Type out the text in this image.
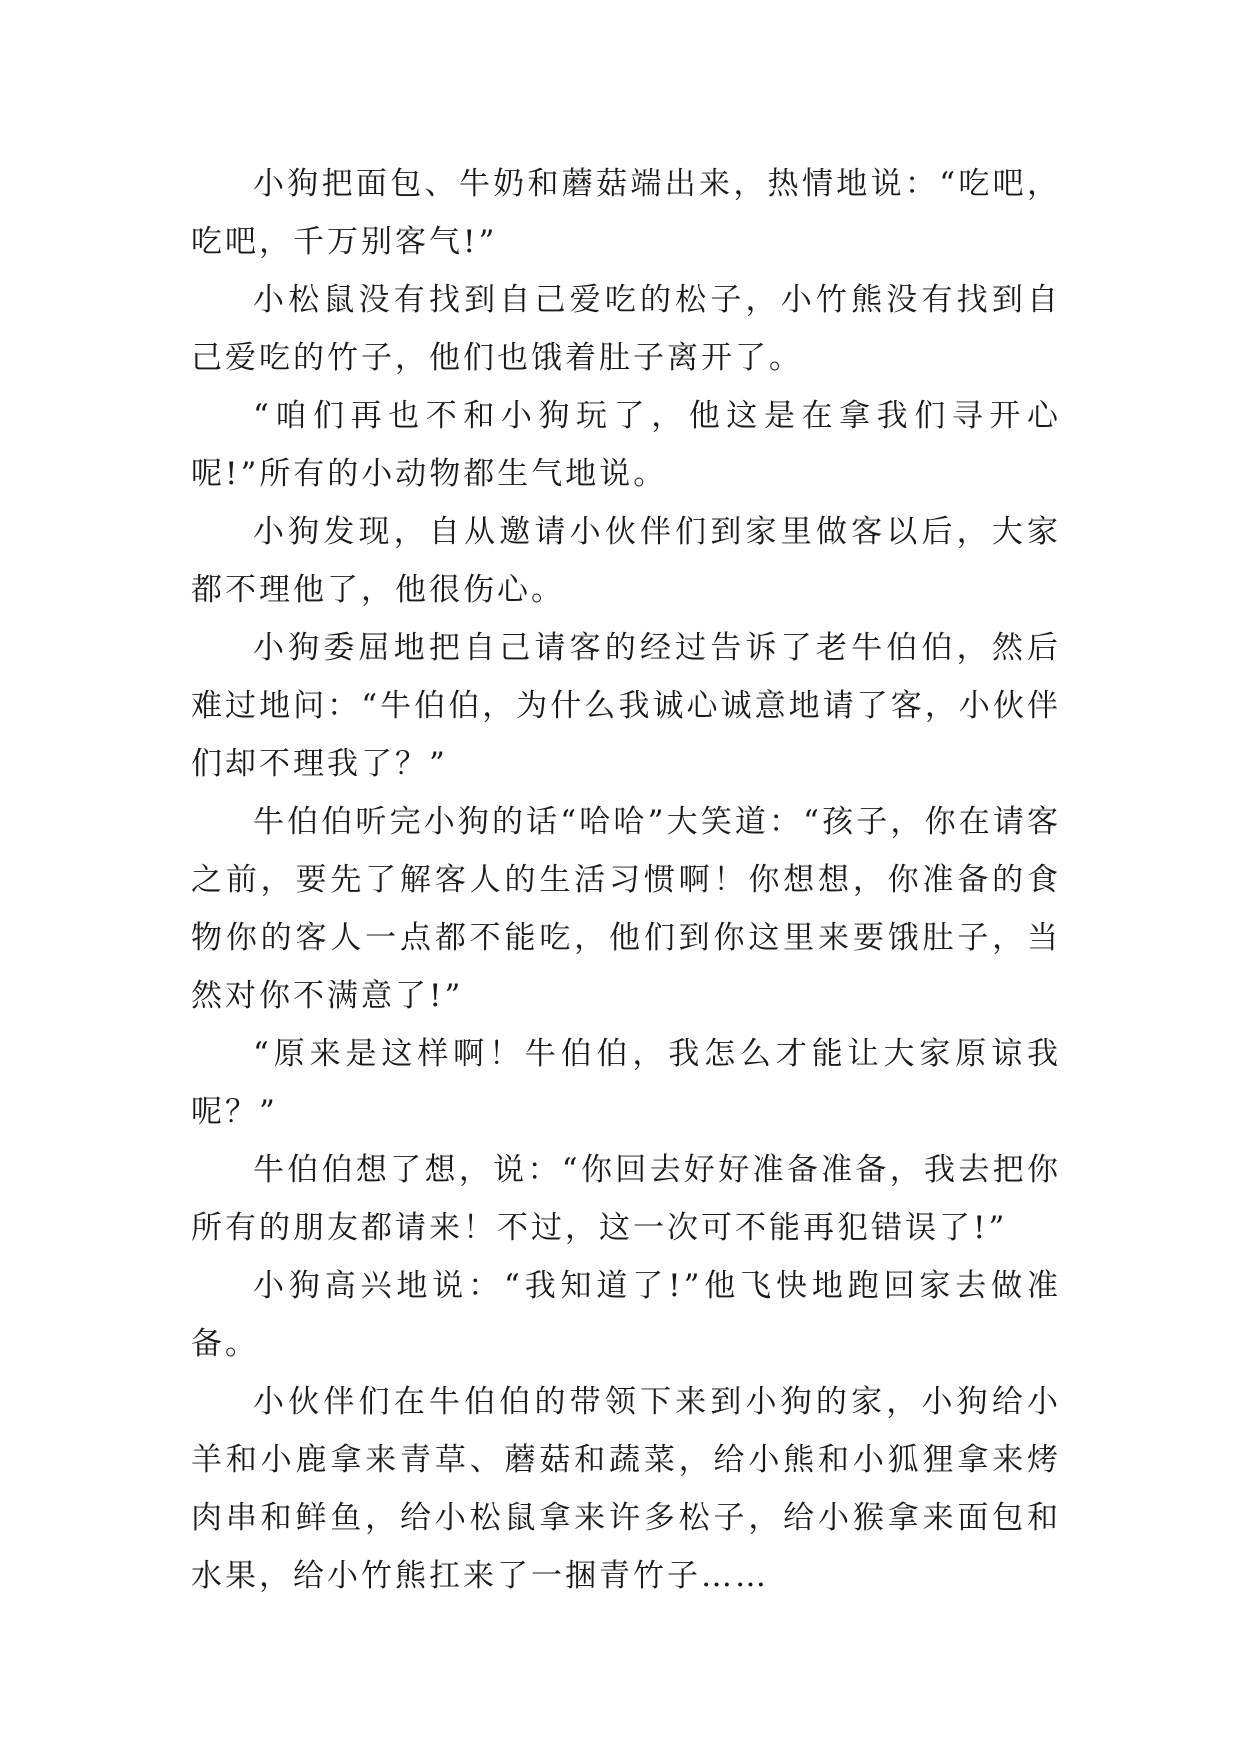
小狗把面包、牛奶和蘑菇端出来，热情地说：“吃吧，吃吧，千万别客气!”

小松鼠没有找到自己爱吃的松子，小竹熊没有找到自己爱吃的竹子，他们也饿着肚子离开了。

“咱们再也不和小狗玩了，他这是在拿我们寻开心呢!”所有的小动物都生气地说。

小狗发现，自从邀请小伙伴们到家里做客以后，大家都不理他了，他很伤心。

小狗委屈地把自己请客的经过告诉了老牛伯伯，然后难过地问：“牛伯伯，为什么我诚心诚意地请了客，小伙伴们却不理我了？”

牛伯伯听完小狗的话“哈哈”大笑道：“孩子，你在请客之前，要先了解客人的生活习惯啊！你想想，你准备的食物你的客人一点都不能吃，他们到你这里来要饿肚子，当然对你不满意了!”

“原来是这样啊！牛伯伯，我怎么才能让大家原谅我呢？”

牛伯伯想了想，说：“你回去好好准备准备，我去把你所有的朋友都请来！不过，这一次可不能再犯错误了!”

小狗高兴地说：“我知道了!”他飞快地跑回家去做准备。

小伙伴们在牛伯伯的带领下来到小狗的家，小狗给小羊和小鹿拿来青草、蘑菇和蔬菜，给小熊和小狐狸拿来烤肉串和鲜鱼，给小松鼠拿来许多松子，给小猴拿来面包和水果，给小竹熊扛来了一捆青竹子……
